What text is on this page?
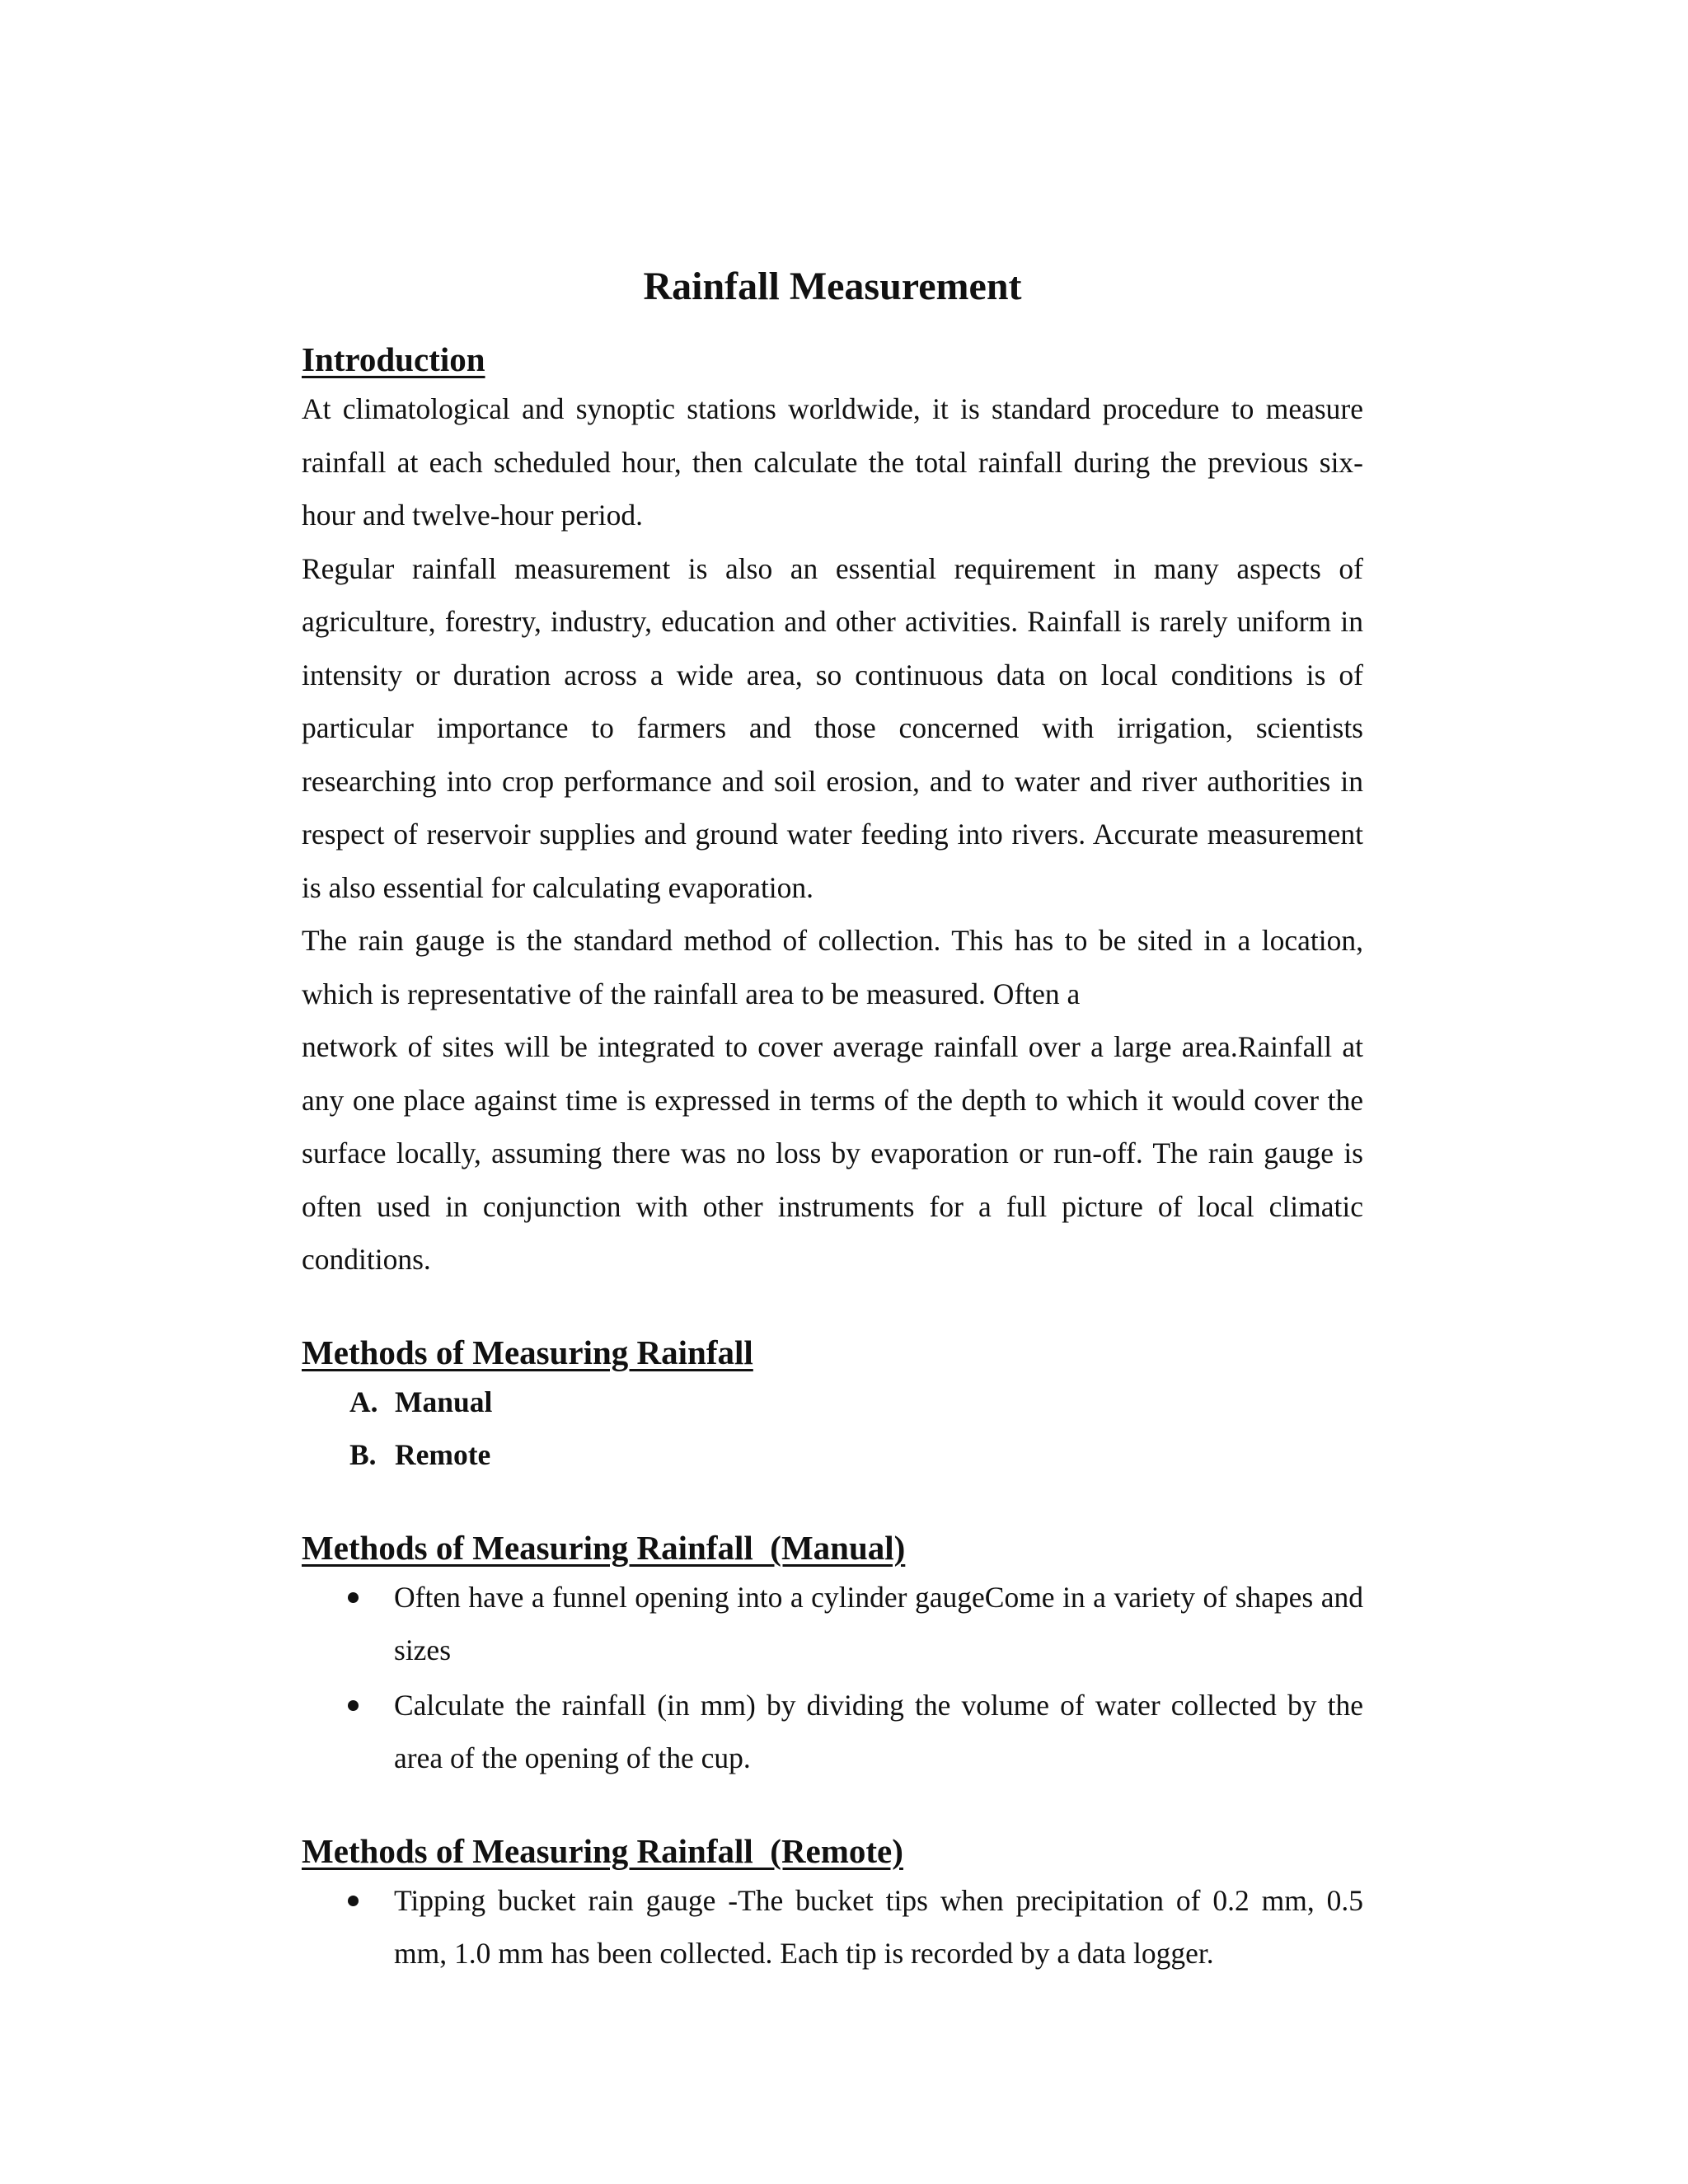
Rainfall Measurement
Introduction

At climatological and synoptic stations worldwide, it is standard procedure to measure rainfall at each scheduled hour, then calculate the total rainfall during the previous six-hour and twelve-hour period.

Regular rainfall measurement is also an essential requirement in many aspects of agriculture, forestry, industry, education and other activities. Rainfall is rarely uniform in intensity or duration across a wide area, so continuous data on local conditions is of particular importance to farmers and those concerned with irrigation, scientists researching into crop performance and soil erosion, and to water and river authorities in respect of reservoir supplies and ground water feeding into rivers. Accurate measurement is also essential for calculating evaporation.

The rain gauge is the standard method of collection. This has to be sited in a location, which is representative of the rainfall area to be measured. Often a

network of sites will be integrated to cover average rainfall over a large area.Rainfall at any one place against time is expressed in terms of the depth to which it would cover the surface locally, assuming there was no loss by evaporation or run-off. The rain gauge is often used in conjunction with other instruments for a full picture of local climatic conditions.

Methods of Measuring Rainfall
A. Manual
B. Remote
Methods of Measuring Rainfall  (Manual)
Often have a funnel opening into a cylinder gaugeCome in a variety of shapes and sizes
Calculate the rainfall (in mm) by dividing the volume of water collected by the area of the opening of the cup.
Methods of Measuring Rainfall  (Remote)
Tipping bucket rain gauge -The bucket tips when precipitation of 0.2 mm, 0.5 mm, 1.0 mm has been collected. Each tip is recorded by a data logger.
